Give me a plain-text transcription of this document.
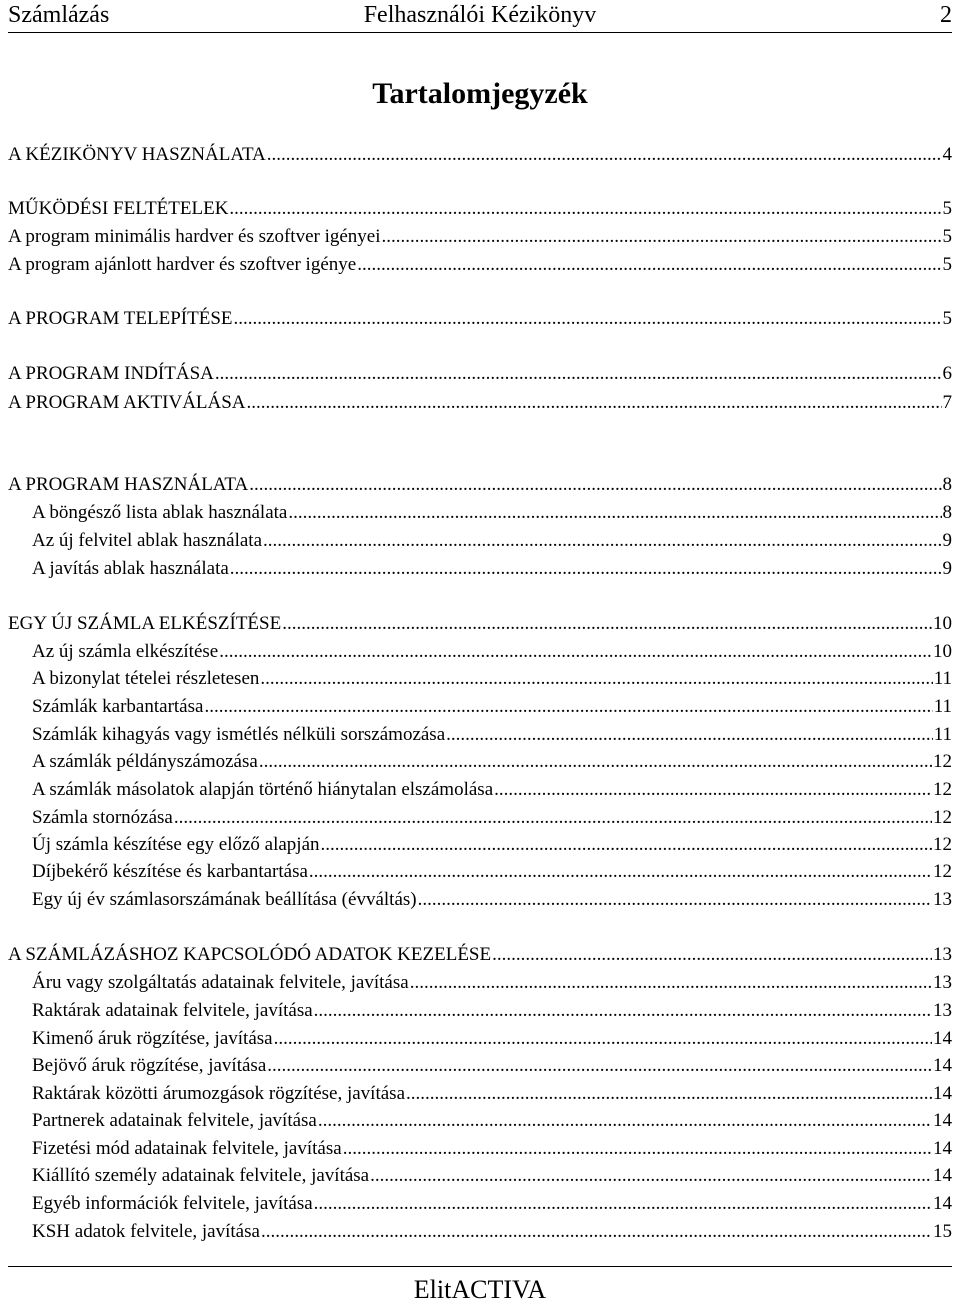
Számlázás	Felhasználói Kézikönyv	2
Tartalomjegyzék
A KÉZIKÖNYV HASZNÁLATA .....	4
MŰKÖDÉSI FELTÉTELEK .....	5
A program minimális hardver és szoftver igényei .....	5
A program ajánlott hardver és szoftver igénye .....	5
A PROGRAM TELEPÍTÉSE .....	5
A PROGRAM INDÍTÁSA .....	6
A PROGRAM AKTIVÁLÁSA .....	7
A PROGRAM HASZNÁLATA .....	8
A böngésző lista ablak használata .....	8
Az új felvitel ablak használata .....	9
A javítás ablak használata .....	9
EGY ÚJ SZÁMLA ELKÉSZÍTÉSE .....	10
Az új számla elkészítése .....	10
A bizonylat tételei részletesen .....	11
Számlák karbantartása .....	11
Számlák kihagyás vagy ismétlés nélküli sorszámozása .....	11
A számlák példányszámozása .....	12
A számlák másolatok alapján történő hiánytalan elszámolása .....	12
Számla stornózása .....	12
Új számla készítése egy előző alapján .....	12
Díjbekérő készítése és karbantartása .....	12
Egy új év számlasorszámának beállítása (évváltás) .....	13
A SZÁMLÁZÁSHOZ KAPCSOLÓDÓ ADATOK KEZELÉSE .....	13
Áru vagy szolgáltatás adatainak felvitele, javítása .....	13
Raktárak adatainak felvitele, javítása .....	13
Kimenő áruk rögzítése, javítása .....	14
Bejövő áruk rögzítése, javítása .....	14
Raktárak közötti árumozgások rögzítése, javítása .....	14
Partnerek adatainak felvitele, javítása .....	14
Fizetési mód adatainak felvitele, javítása .....	14
Kiállító személy adatainak felvitele, javítása .....	14
Egyéb információk felvitele, javítása .....	14
KSH adatok felvitele, javítása .....	15
ElitACTIVA
